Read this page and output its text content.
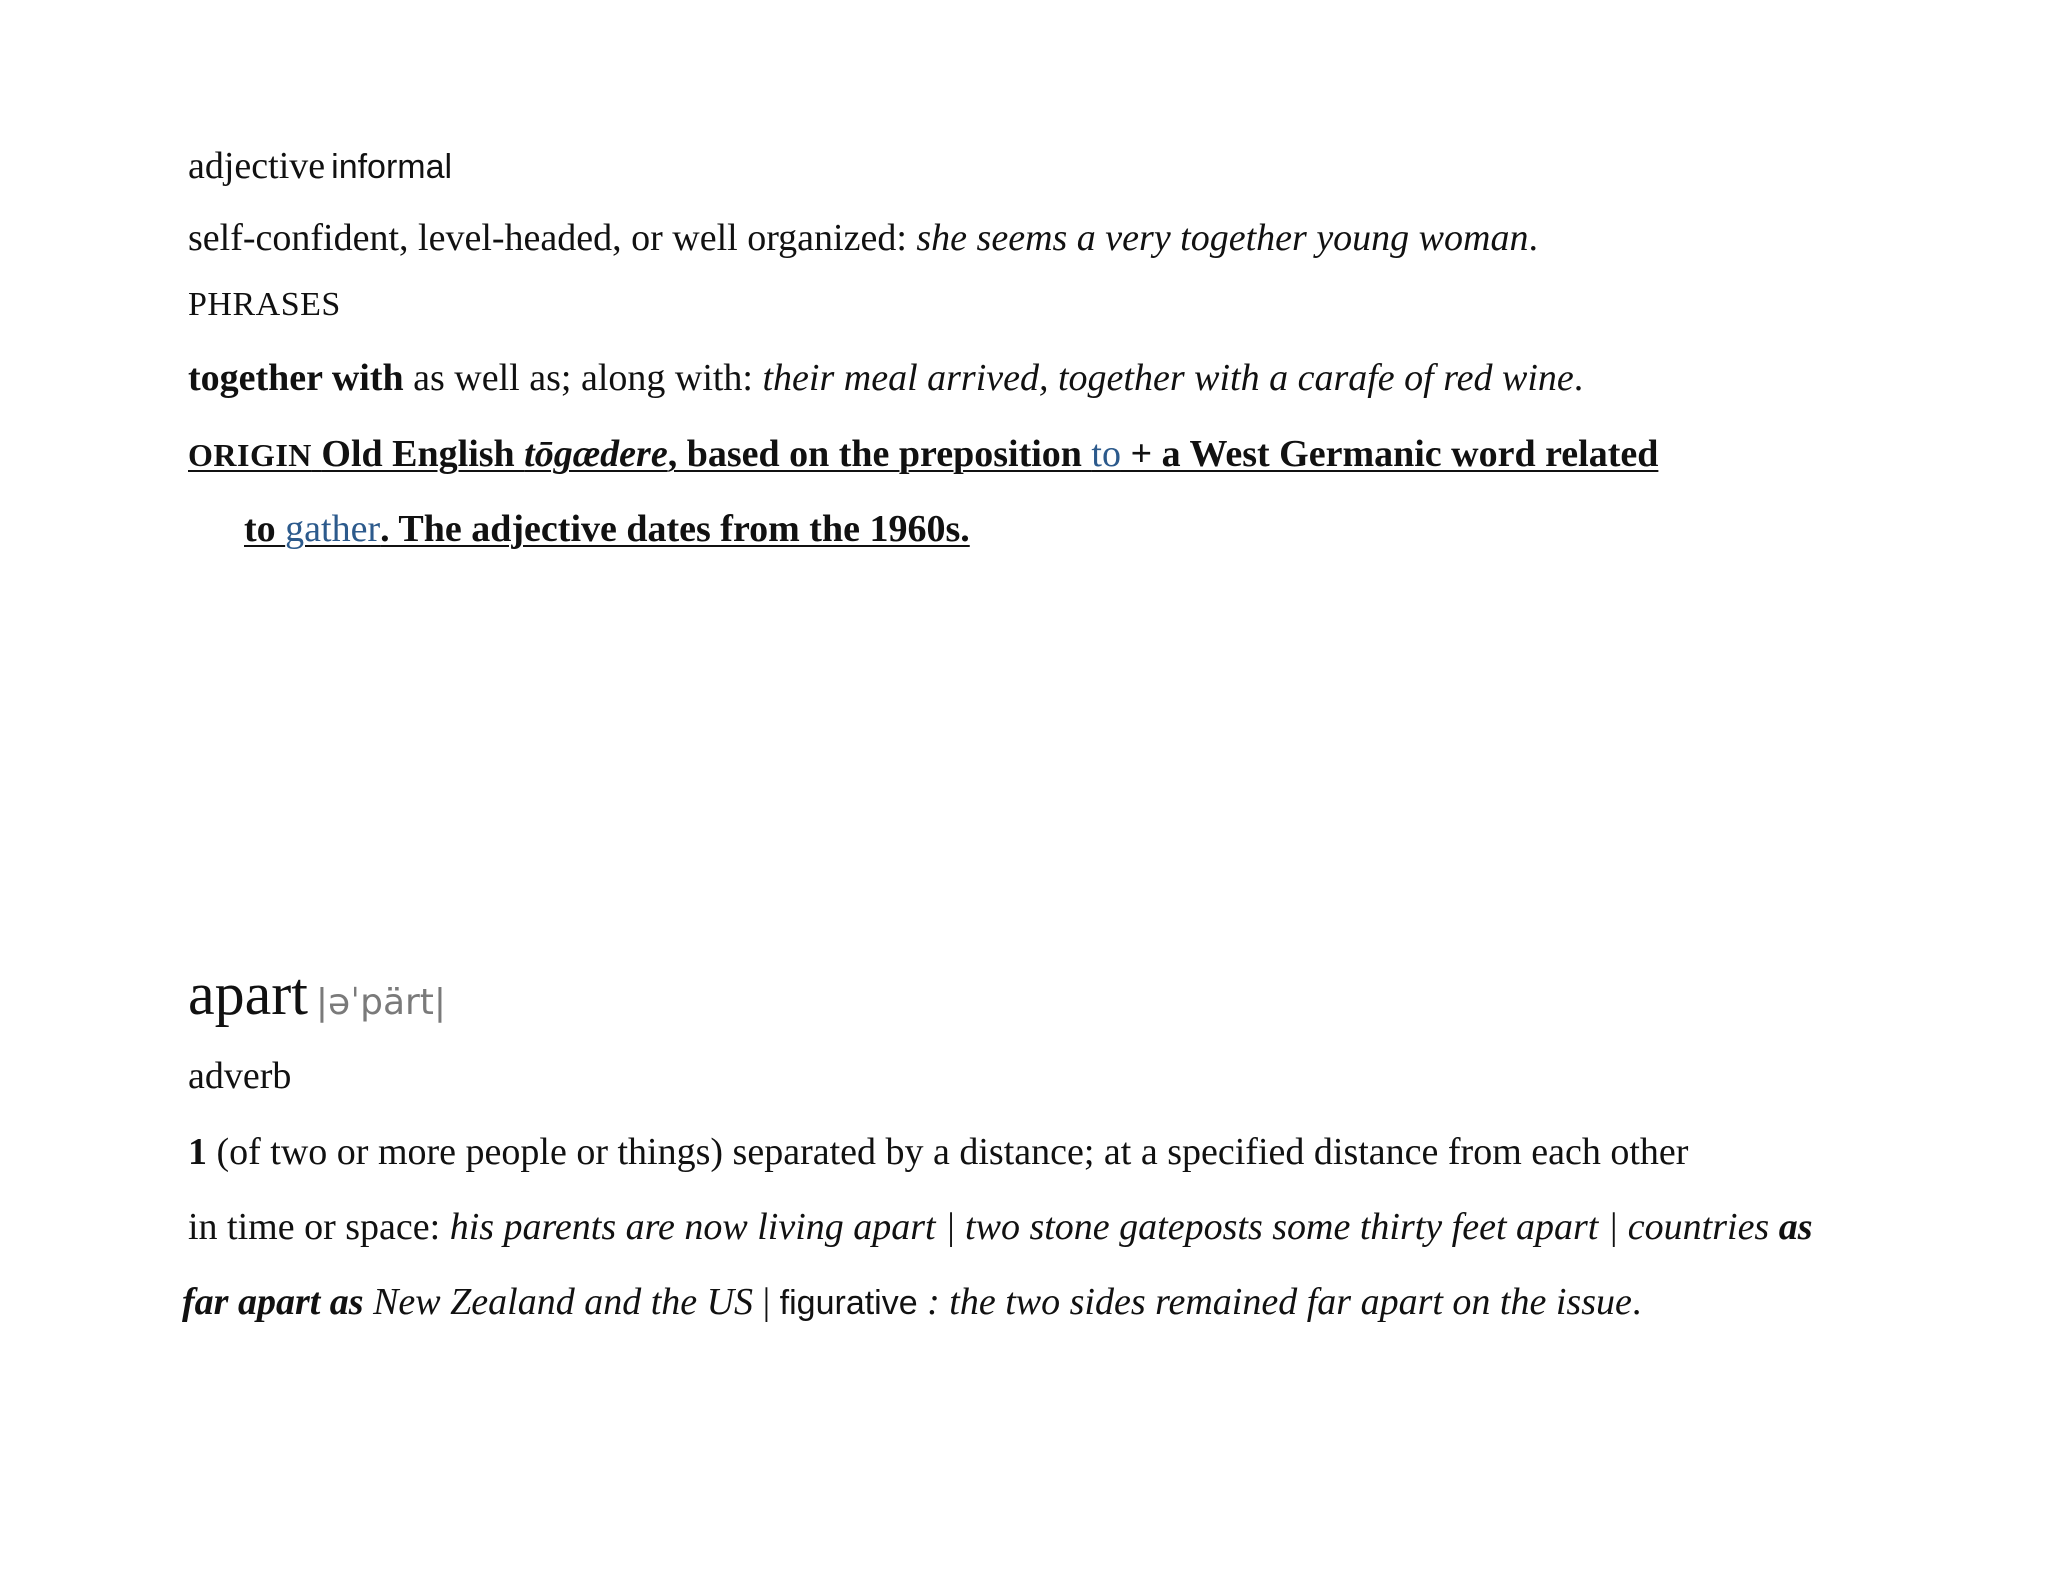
adjective informal
self-confident, level-headed, or well organized: she seems a very together young woman.
PHRASES
together with as well as; along with: their meal arrived, together with a carafe of red wine.
ORIGIN Old English tōgædere, based on the preposition to + a West Germanic word related
to gather. The adjective dates from the 1960s.
apart |əˈpärt|
adverb
1 (of two or more people or things) separated by a distance; at a specified distance from each other
in time or space: his parents are now living apart | two stone gateposts some thirty feet apart | countries as
far apart as New Zealand and the US | figurative : the two sides remained far apart on the issue.
